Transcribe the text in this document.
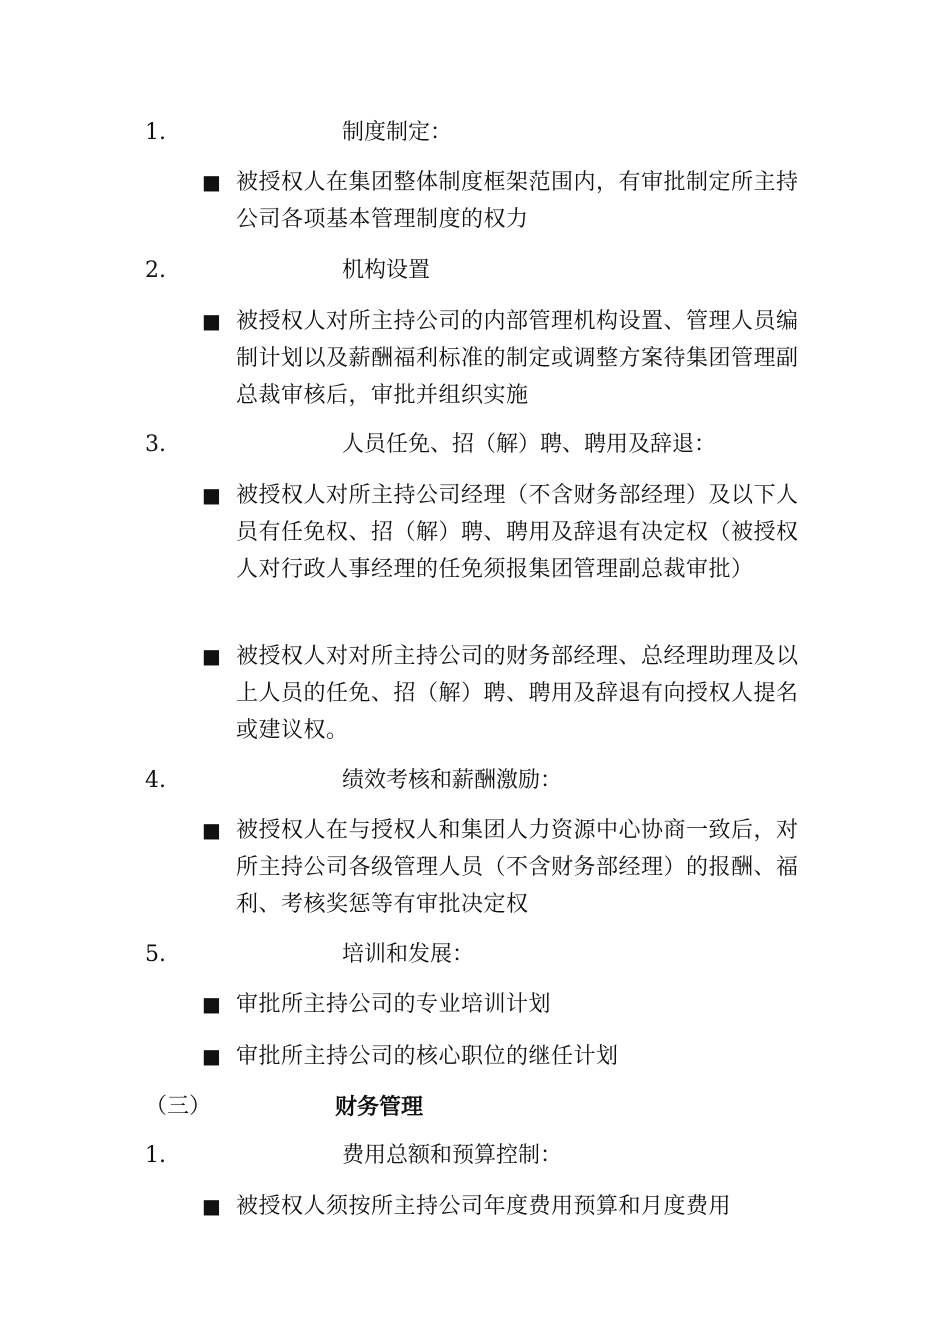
1.	制度制定：
■ 被授权人在集团整体制度框架范围内，有审批制定所主持公司各项基本管理制度的权力
2.	机构设置
■ 被授权人对所主持公司的内部管理机构设置、管理人员编制计划以及薪酬福利标准的制定或调整方案待集团管理副总裁审核后，审批并组织实施
3.	人员任免、招（解）聘、聘用及辞退：
■ 被授权人对所主持公司经理（不含财务部经理）及以下人员有任免权、招（解）聘、聘用及辞退有决定权（被授权人对行政人事经理的任免须报集团管理副总裁审批）
■ 被授权人对对所主持公司的财务部经理、总经理助理及以上人员的任免、招（解）聘、聘用及辞退有向授权人提名或建议权。
4.	绩效考核和薪酬激励：
■ 被授权人在与授权人和集团人力资源中心协商一致后，对所主持公司各级管理人员（不含财务部经理）的报酬、福利、考核奖惩等有审批决定权
5.	培训和发展：
■ 审批所主持公司的专业培训计划
■ 审批所主持公司的核心职位的继任计划
（三）	财务管理
1.	费用总额和预算控制：
■ 被授权人须按所主持公司年度费用预算和月度费用
